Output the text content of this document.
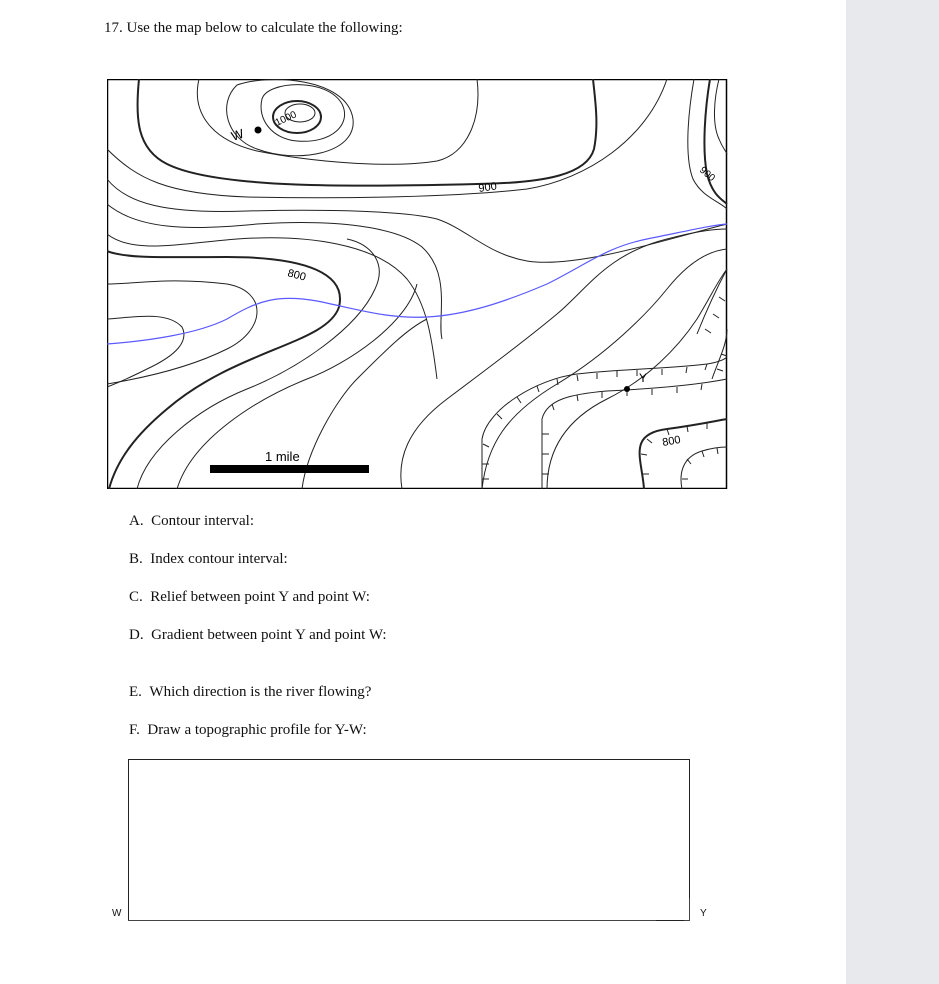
17. Use the map below to calculate the following:
W
Y
1000
900
900
800
800
1 mile
A. Contour interval:
B. Index contour interval:
C. Relief between point Y and point W:
D. Gradient between point Y and point W:
E. Which direction is the river flowing?
F. Draw a topographic profile for Y-W:
W	Y
